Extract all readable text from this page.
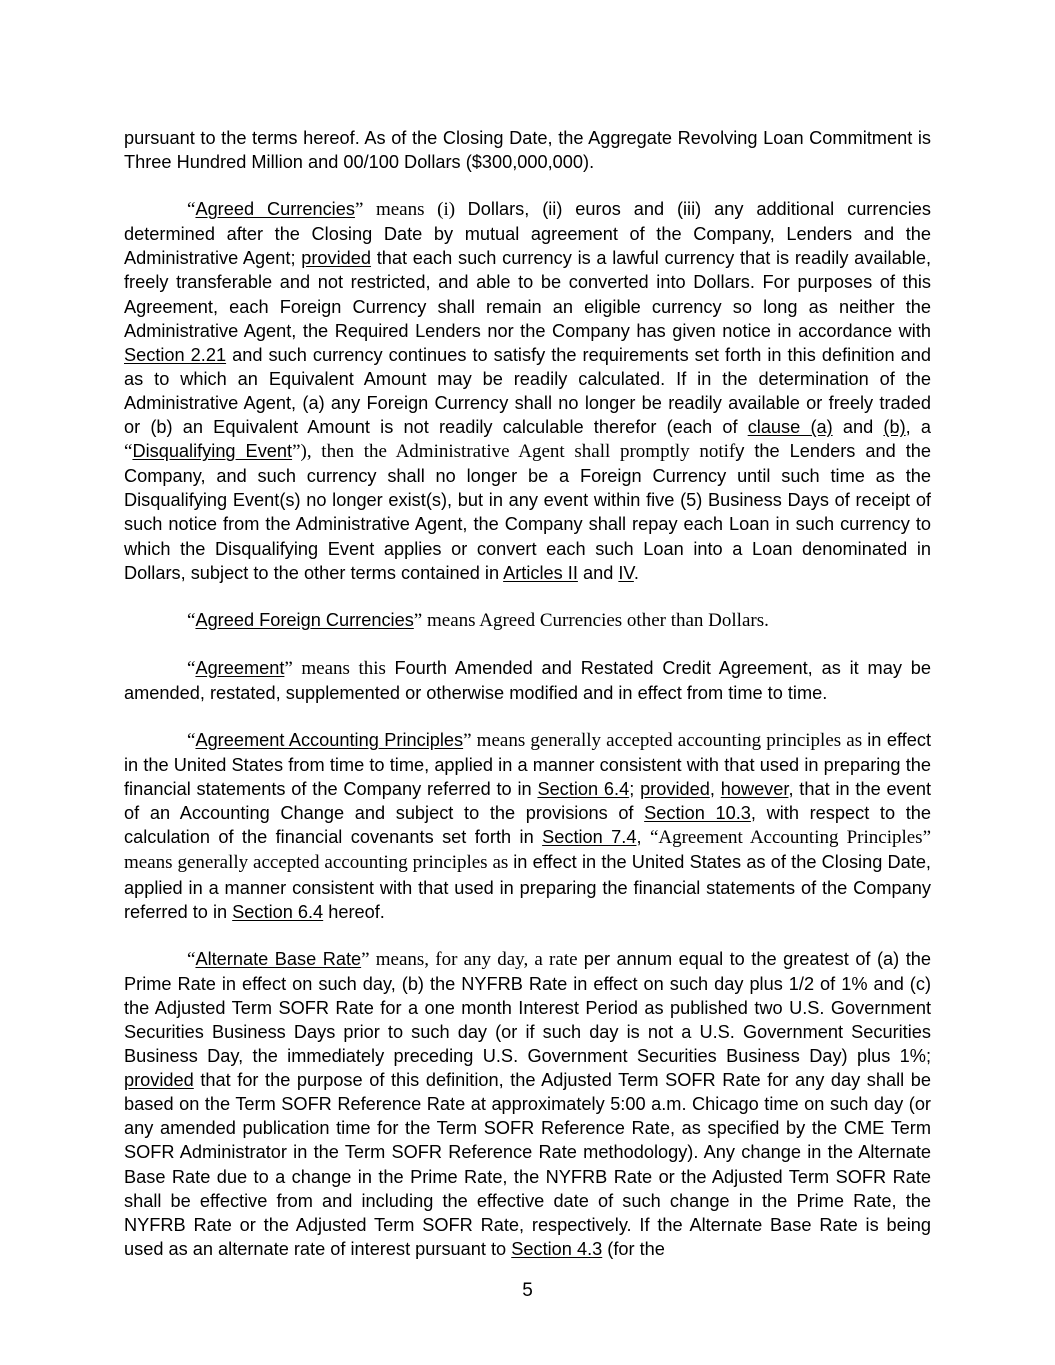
pursuant to the terms hereof. As of the Closing Date, the Aggregate Revolving Loan Commitment is Three Hundred Million and 00/100 Dollars ($300,000,000).

“Agreed Currencies” means (i) Dollars, (ii) euros and (iii) any additional currencies determined after the Closing Date by mutual agreement of the Company, Lenders and the Administrative Agent; provided that each such currency is a lawful currency that is readily available, freely transferable and not restricted, and able to be converted into Dollars. For purposes of this Agreement, each Foreign Currency shall remain an eligible currency so long as neither the Administrative Agent, the Required Lenders nor the Company has given notice in accordance with Section 2.21 and such currency continues to satisfy the requirements set forth in this definition and as to which an Equivalent Amount may be readily calculated. If in the determination of the Administrative Agent, (a) any Foreign Currency shall no longer be readily available or freely traded or (b) an Equivalent Amount is not readily calculable therefor (each of clause (a) and (b), a “Disqualifying Event”), then the Administrative Agent shall promptly notify the Lenders and the Company, and such currency shall no longer be a Foreign Currency until such time as the Disqualifying Event(s) no longer exist(s), but in any event within five (5) Business Days of receipt of such notice from the Administrative Agent, the Company shall repay each Loan in such currency to which the Disqualifying Event applies or convert each such Loan into a Loan denominated in Dollars, subject to the other terms contained in Articles II and IV.

“Agreed Foreign Currencies” means Agreed Currencies other than Dollars.

“Agreement” means this Fourth Amended and Restated Credit Agreement, as it may be amended, restated, supplemented or otherwise modified and in effect from time to time.

“Agreement Accounting Principles” means generally accepted accounting principles as in effect in the United States from time to time, applied in a manner consistent with that used in preparing the financial statements of the Company referred to in Section 6.4; provided, however, that in the event of an Accounting Change and subject to the provisions of Section 10.3, with respect to the calculation of the financial covenants set forth in Section 7.4, “Agreement Accounting Principles” means generally accepted accounting principles as in effect in the United States as of the Closing Date, applied in a manner consistent with that used in preparing the financial statements of the Company referred to in Section 6.4 hereof.

“Alternate Base Rate” means, for any day, a rate per annum equal to the greatest of (a) the Prime Rate in effect on such day, (b) the NYFRB Rate in effect on such day plus 1/2 of 1% and (c) the Adjusted Term SOFR Rate for a one month Interest Period as published two U.S. Government Securities Business Days prior to such day (or if such day is not a U.S. Government Securities Business Day, the immediately preceding U.S. Government Securities Business Day) plus 1%; provided that for the purpose of this definition, the Adjusted Term SOFR Rate for any day shall be based on the Term SOFR Reference Rate at approximately 5:00 a.m. Chicago time on such day (or any amended publication time for the Term SOFR Reference Rate, as specified by the CME Term SOFR Administrator in the Term SOFR Reference Rate methodology). Any change in the Alternate Base Rate due to a change in the Prime Rate, the NYFRB Rate or the Adjusted Term SOFR Rate shall be effective from and including the effective date of such change in the Prime Rate, the NYFRB Rate or the Adjusted Term SOFR Rate, respectively. If the Alternate Base Rate is being used as an alternate rate of interest pursuant to Section 4.3 (for the

5
